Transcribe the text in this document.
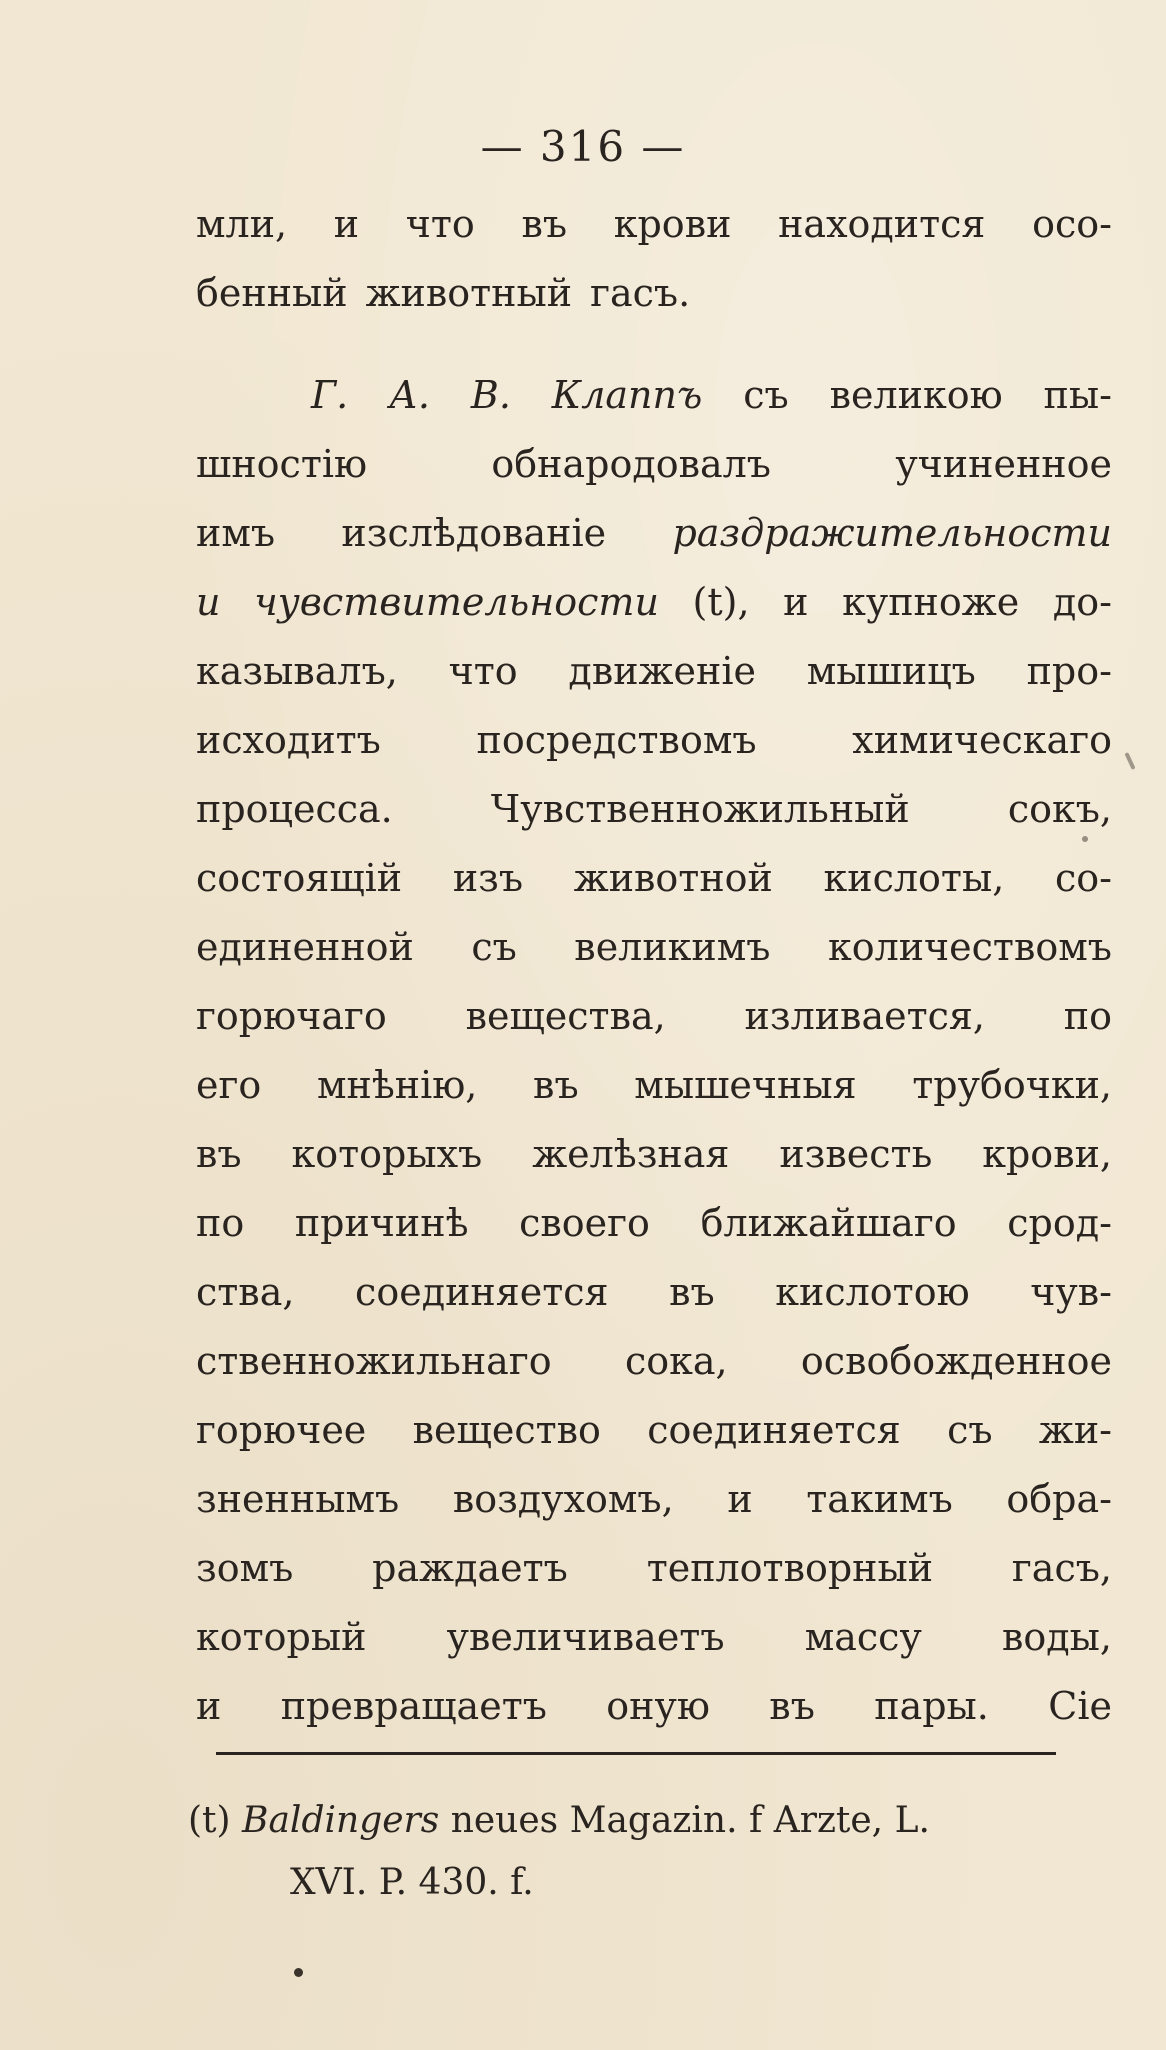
— 316 —
мли, и что въ крови находится осо-
бенный животный гасъ.
Г. А. В. Клаппъ съ великою пы-
шностію	обнародовалъ	учиненное
имъ изслѣдованіе раздражительности
и чувствительности (t), и купноже до-
казывалъ, что движеніе мышицъ про-
исходитъ	посредствомъ	химическаго
процесса.	Чувственножильный	сокъ,
состоящій изъ животной кислоты, со-
единенной съ великимъ количествомъ
горючаго вещества, изливается, по
его мнѣнію, въ мышечныя трубочки,
въ которыхъ желѣзная известь крови,
по причинѣ своего ближайшаго срод-
ства, соединяется въ кислотою чув-
ственножильнаго сока, освобожденное
горючее вещество соединяется съ жи-
зненнымъ воздухомъ, и такимъ обра-
зомъ раждаетъ теплотворный гасъ,
который увеличиваетъ массу воды,
и превращаетъ оную въ пары. Сіе
(t) Baldingers neues Magazin. f Arzte, L.
XVI. P. 430. f.
